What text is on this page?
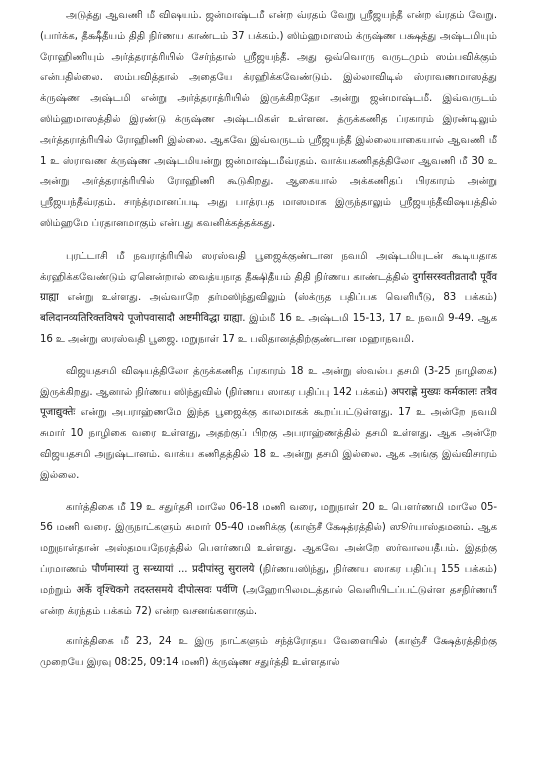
அடுத்து ஆவணி மீ விஷயம். ஜன்மாஷ்டமீ என்ற வ்ரதம் வேறு ஸ்ரீஜயந்தீ என்ற வ்ரதம் வேறு. (பார்க்க, தீக்ஷீதீயம் திதி நிர்ணய காண்டம் 37 பக்கம்.) ஸிம்ஹமாஸம் க்ருஷ்ண பக்ஷத்து அஷ்டமியும் ரோஹிணியும் அர்த்தராத்ரியில் சேர்ந்தால் ஸ்ரீஜயந்தீ. அது ஒவ்வொரு வருடமும் ஸம்பவிக்கும் என்பதில்லை. ஸம்பவித்தால் அதையே க்ரஹிக்கவேண்டும். இல்லாவிடில் ஸ்ராவணமாஸத்து க்ருஷ்ண அஷ்டமி என்று அர்த்தராத்ரியில் இருக்கிறதோ அன்று ஜன்மாஷ்டமீ. இவ்வருடம் ஸிம்ஹமாஸத்தில் இரண்டு க்ருஷ்ண அஷ்டமிகள் உள்ளன. த்ருக்கணித ப்ரகாரம் இரண்டிலும் அர்த்தராத்ரியில் ரோஹிணி இல்லை. ஆகவே இவ்வருடம் ஸ்ரீஜயந்தீ இல்லையாகையால் ஆவணி மீ 1 உ ஸ்ராவண க்ருஷ்ண அஷ்டமியன்று ஜன்மாஷ்டமீவ்ரதம். வாக்யகணிதத்திலோ ஆவணி மீ 30 உ அன்று அர்த்தராத்ரியில் ரோஹிணி கூடுகிறது. ஆகையால் அக்கணிதப் பிரகாரம் அன்று ஸ்ரீஜயந்தீவ்ரதம். சாந்த்ரமானப்படி அது பாத்ரபத மாஸமாக இருந்தாலும் ஸ்ரீஜயந்தீவிஷயத்தில் ஸிம்ஹமே ப்ரதானமாகும் என்பது கவனிக்கத்தக்கது.

புரட்டாசி மீ நவராத்ரியில் ஸரஸ்வதி பூஜைக்குண்டான நவமி அஷ்டமியுடன் கூடியதாக க்ரஹிக்கவேண்டும் ஏனென்றால் வைத்யநாத தீக்ஷிதீயம் திதி நிர்ணய காண்டத்தில் दुर्गासरस्वतीव्रतादौ पूर्वैव ग्राह्या என்று உள்ளது. அவ்வாறே தர்மஸிந்துவிலும் (ஸ்க்ருத பதிப்பக வெளியீடு, 83 பக்கம்) बलिदानव्यतिरिक्तविषये पूजोपवासादौ अष्टमीविद्धा ग्राह्या. இம்மீ 16 உ அஷ்டமி 15-13, 17 உ நவமி 9-49. ஆக 16 உ அன்று ஸரஸ்வதி பூஜை. மறுநாள் 17 உ பலிதானத்திற்குண்டான மஹாநவமி.

விஜயதசமி விஷயத்திலோ த்ருக்கணித ப்ரகாரம் 18 உ அன்று ஸ்வல்ப தசமி (3-25 நாழிகை) இருக்கிறது. ஆனால் நிர்ணய ஸிந்துவில் (நிர்ணய ஸாகர பதிப்பு 142 பக்கம்) अपराह्णे मुख्यः कर्मकालः तत्रैव पूजाद्युक्तेः என்று அபராஹ்ணமே இந்த பூஜைக்கு காலமாகக் கூறப்பட்டுள்ளது. 17 உ அன்றே நவமி சுமார் 10 நாழிகை வரை உள்ளது, அதற்குப் பிறகு அபராஹ்ணத்தில் தசமி உள்ளது. ஆக அன்றே விஜயதசமி அநுஷ்டானம். வாக்ய கணிதத்தில் 18 உ அன்று தசமி இல்லை. ஆக அங்கு இவ்விசாரம் இல்லை.

கார்த்திகை மீ 19 உ சதுர்தசி மாலே 06-18 மணி வரை, மறுநாள் 20 உ பௌர்ணமி மாலே 05-56 மணி வரை. இருநாட்களும் சுமார் 05-40 மணிக்கு (காஞ்சீ க்ஷேத்ரத்தில்) ஸூர்யாஸ்தமனம். ஆக மறுநாள்தான் அஸ்தமயநேரத்தில் பௌர்ணமி உள்ளது. ஆகவே அன்றே ஸர்வாலயதீபம். இதற்கு ப்ரமாணம் पौर्णमास्यां तु सन्ध्यायां ... प्रदीपांस्तु सुरालये (நிர்ணயஸிந்து, நிர்ணய ஸாகர பதிப்பு 155 பக்கம்) மற்றும் अर्के वृश्चिकगे तदस्तसमये दीपोत्सवः पर्वणि (அஹோபிலமடத்தால் வெளியிடப்பட்டுள்ள தசநிர்ணயீ என்ற க்ரந்தம் பக்கம் 72) என்ற வசனங்களாகும்.

கார்த்திகை மீ 23, 24 உ இரு நாட்களும் சந்த்ரோதய வேளையில் (காஞ்சீ க்ஷேத்ரத்திற்கு முறையே இரவு 08:25, 09:14 மணி) க்ருஷ்ண சதுர்த்தி உள்ளதால்
